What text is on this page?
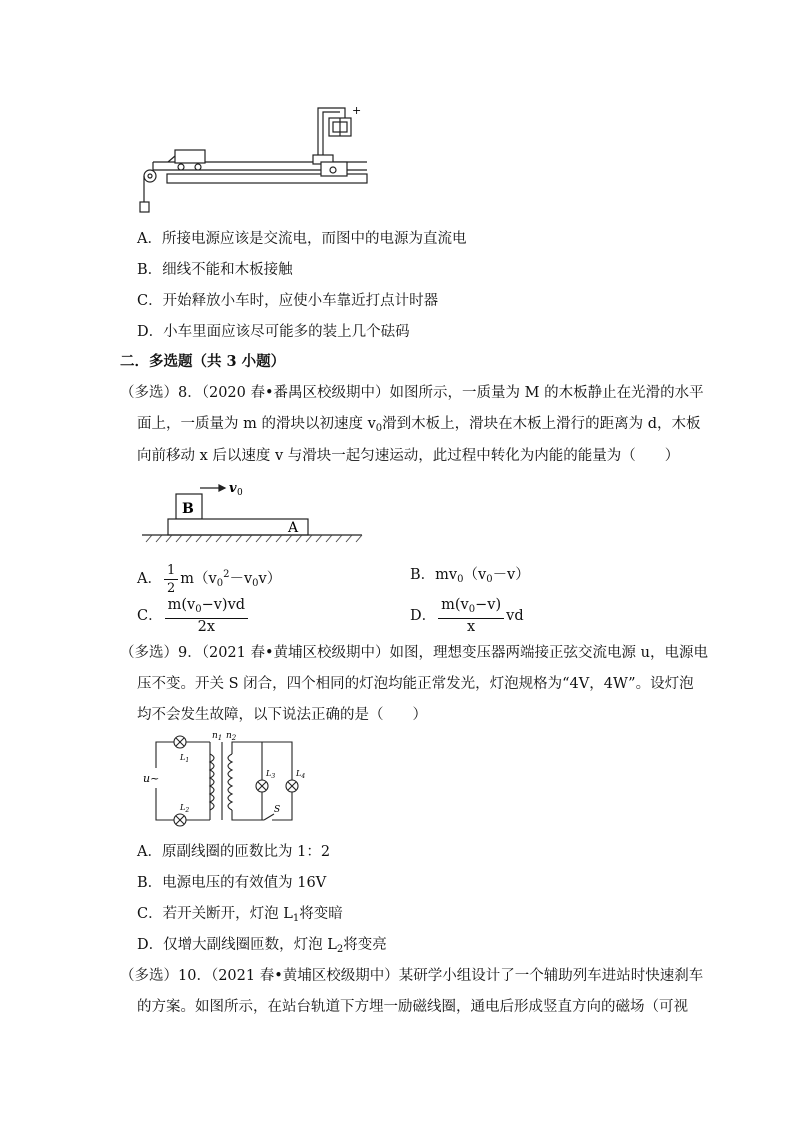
+
A．所接电源应该是交流电，而图中的电源为直流电
B．细线不能和木板接触
C．开始释放小车时，应使小车靠近打点计时器
D．小车里面应该尽可能多的装上几个砝码
二．多选题（共 3 小题）
（多选）8．（2020 春•番禺区校级期中）如图所示，一质量为 M 的木板静止在光滑的水平
面上，一质量为 m 的滑块以初速度 $v_0$滑到木板上，滑块在木板上滑行的距离为 d，木板
向前移动 x 后以速度 v 与滑块一起匀速运动，此过程中转化为内能的能量为（　　）
B
A
v 0
A． $\frac{1}{2} m(v_0^2-v_0v)$	B．$mv_0(v_0-v)$
C． $\frac{m(v_0-v)vd}{2x}$	D． $\frac{m(v_0-v)}{x}$ vd
（多选）9．（2021 春•黄埔区校级期中）如图，理想变压器两端接正弦交流电源 u，电源电
压不变。开关 S 闭合，四个相同的灯泡均能正常发光，灯泡规格为“4V，4W”。设灯泡
均不会发生故障，以下说法正确的是（　　）
$n_1$ $n_2$
u~
$L_1$
$L_2$
$L_3$	$L_4$
S
A．原副线圈的匝数比为 1：2
B．电源电压的有效值为 16V
C．若开关断开，灯泡 $L_1$将变暗
D．仅增大副线圈匝数，灯泡 $L_2$将变亮
（多选）10．（2021 春•黄埔区校级期中）某研学小组设计了一个辅助列车进站时快速刹车
的方案。如图所示，在站台轨道下方埋一励磁线圈，通电后形成竖直方向的磁场（可视
